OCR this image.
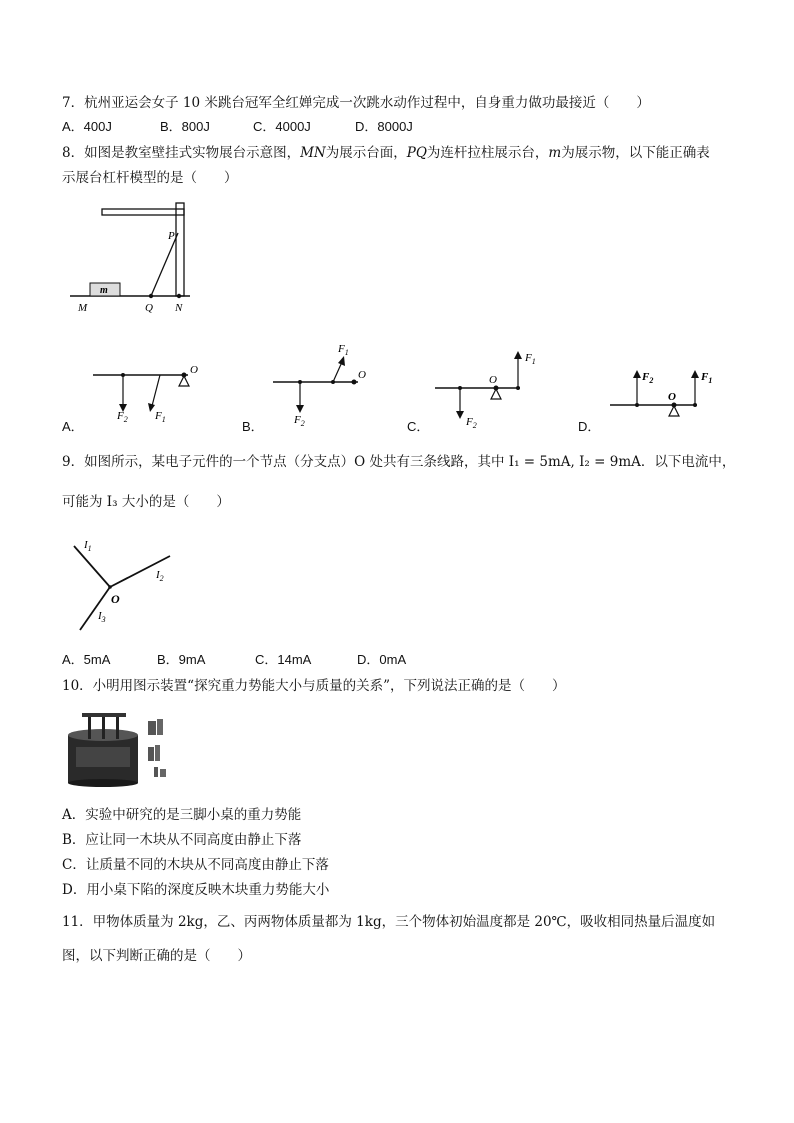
7．杭州亚运会女子 10 米跳台冠军全红婵完成一次跳水动作过程中，自身重力做功最接近（　　）
A．400J	B．800J	C．4000J	D．8000J
8．如图是教室壁挂式实物展台示意图，MN为展示台面，PQ为连杆拉柱展示台，m为展示物，以下能正确表
示展台杠杆模型的是（　　）
m
P
M	Q N
A．
O
$F_2$ $F_1$	B．
O
$F_1$
$F_2$	C．
O
$F_1$
$F_2$	D．
O
$F_2$	$F_1$
9．如图所示，某电子元件的一个节点（分支点）O 处共有三条线路，其中 I₁ = 5mA, I₂ = 9mA．以下电流中，
可能为 I₃ 大小的是（　　）
$I_1$
$I_2$
O
$I_3$
A．5mA	B．9mA	C．14mA	D．0mA
10．小明用图示装置“探究重力势能大小与质量的关系”，下列说法正确的是（　　）
A．实验中研究的是三脚小桌的重力势能
B．应让同一木块从不同高度由静止下落
C．让质量不同的木块从不同高度由静止下落
D．用小桌下陷的深度反映木块重力势能大小
11．甲物体质量为 2kg，乙、丙两物体质量都为 1kg，三个物体初始温度都是 20℃，吸收相同热量后温度如
图，以下判断正确的是（　　）
